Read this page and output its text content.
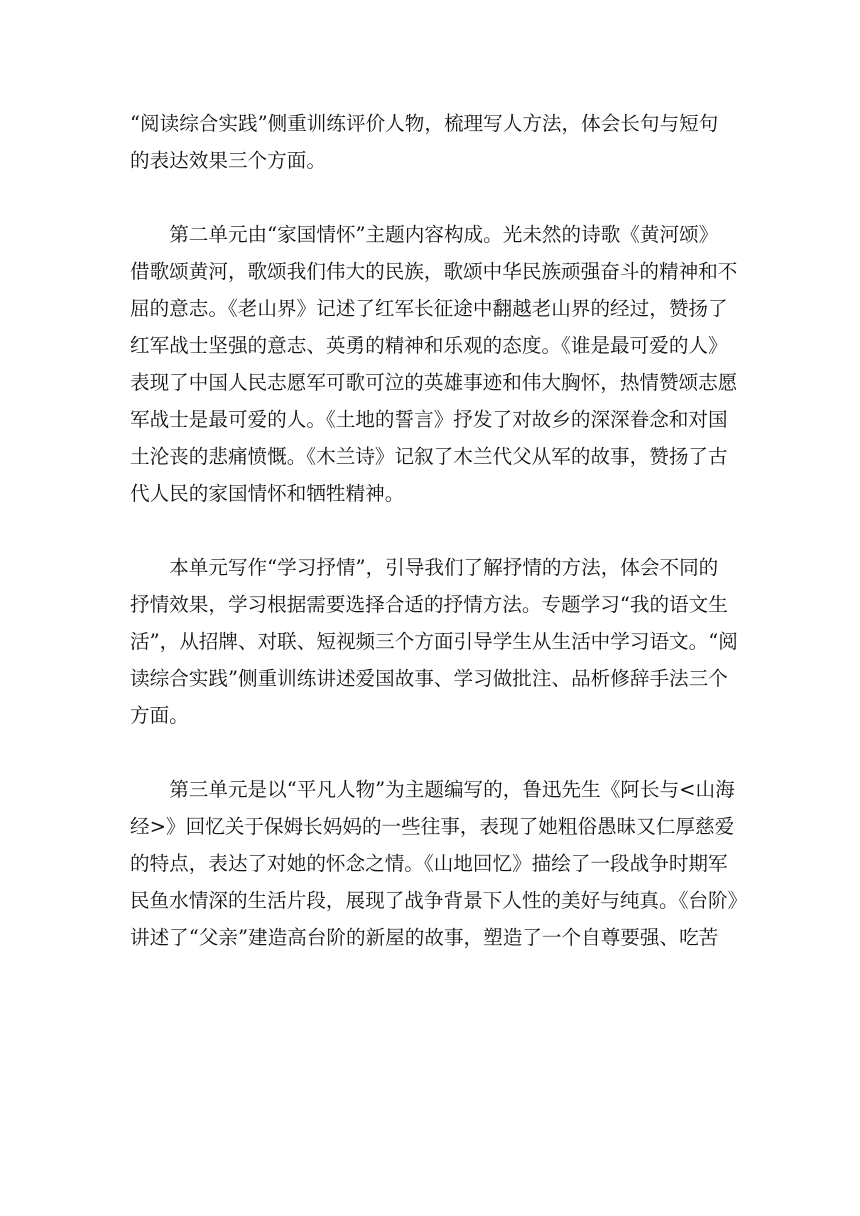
“阅读综合实践”侧重训练评价人物，梳理写人方法，体会长句与短句
的表达效果三个方面。
第二单元由“家国情怀”主题内容构成。光未然的诗歌《黄河颂》
借歌颂黄河，歌颂我们伟大的民族，歌颂中华民族顽强奋斗的精神和不
屈的意志。《老山界》记述了红军长征途中翻越老山界的经过，赞扬了
红军战士坚强的意志、英勇的精神和乐观的态度。《谁是最可爱的人》
表现了中国人民志愿军可歌可泣的英雄事迹和伟大胸怀，热情赞颂志愿
军战士是最可爱的人。《土地的誓言》抒发了对故乡的深深眷念和对国
土沦丧的悲痛愤慨。《木兰诗》记叙了木兰代父从军的故事，赞扬了古
代人民的家国情怀和牺牲精神。
本单元写作“学习抒情”，引导我们了解抒情的方法，体会不同的
抒情效果，学习根据需要选择合适的抒情方法。专题学习“我的语文生
活”，从招牌、对联、短视频三个方面引导学生从生活中学习语文。“阅
读综合实践”侧重训练讲述爱国故事、学习做批注、品析修辞手法三个
方面。
第三单元是以“平凡人物”为主题编写的，鲁迅先生《阿长与<山海
经>》回忆关于保姆长妈妈的一些往事，表现了她粗俗愚昧又仁厚慈爱
的特点，表达了对她的怀念之情。《山地回忆》描绘了一段战争时期军
民鱼水情深的生活片段，展现了战争背景下人性的美好与纯真。《台阶》
讲述了“父亲”建造高台阶的新屋的故事，塑造了一个自尊要强、吃苦
